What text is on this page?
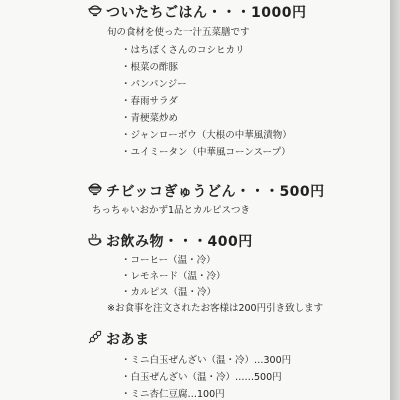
ついたちごはん・・・1000円
旬の食材を使った一汁五菜膳です
・はちぼくさんのコシヒカリ
・根菜の酢豚
・パンパンジー
・春雨サラダ
・青梗菜炒め
・ジャンローボウ（大根の中華風漬物）
・ユイミータン（中華風コーンスープ）
チビッコぎゅうどん・・・500円
ちっちゃいおかず1品とカルピスつき
お飲み物・・・400円
・コーヒー（温・冷）
・レモネード（温・冷）
・カルピス（温・冷）
※お食事を注文されたお客様は200円引き致します
おあま
・ミニ白玉ぜんざい（温・冷）…300円
・白玉ぜんざい（温・冷）……500円
・ミニ杏仁豆腐…100円
